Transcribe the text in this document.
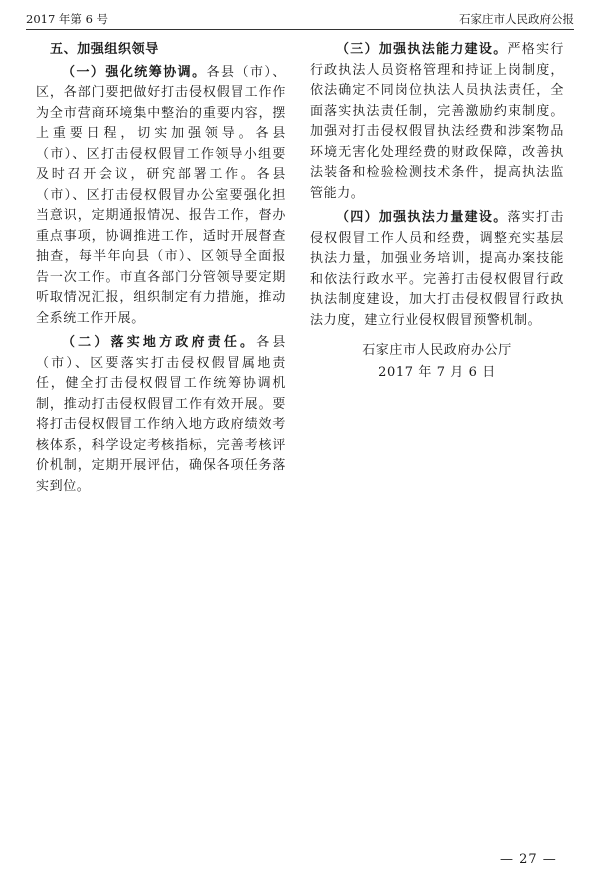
2017 年第 6 号	石家庄市人民政府公报
五、加强组织领导

（一）强化统筹协调。各县（市）、区，各部门要把做好打击侵权假冒工作作为全市营商环境集中整治的重要内容，摆上重要日程，切实加强领导。各县（市）、区打击侵权假冒工作领导小组要及时召开会议，研究部署工作。各县（市）、区打击侵权假冒办公室要强化担当意识，定期通报情况、报告工作，督办重点事项，协调推进工作，适时开展督查抽查，每半年向县（市）、区领导全面报告一次工作。市直各部门分管领导要定期听取情况汇报，组织制定有力措施，推动全系统工作开展。

（二）落实地方政府责任。各县（市）、区要落实打击侵权假冒属地责任，健全打击侵权假冒工作统筹协调机制，推动打击侵权假冒工作有效开展。要将打击侵权假冒工作纳入地方政府绩效考核体系，科学设定考核指标，完善考核评价机制，定期开展评估，确保各项任务落实到位。

（三）加强执法能力建设。严格实行行政执法人员资格管理和持证上岗制度，依法确定不同岗位执法人员执法责任，全面落实执法责任制，完善激励约束制度。加强对打击侵权假冒执法经费和涉案物品环境无害化处理经费的财政保障，改善执法装备和检验检测技术条件，提高执法监管能力。

（四）加强执法力量建设。落实打击侵权假冒工作人员和经费，调整充实基层执法力量，加强业务培训，提高办案技能和依法行政水平。完善打击侵权假冒行政执法制度建设，加大打击侵权假冒行政执法力度，建立行业侵权假冒预警机制。

石家庄市人民政府办公厅
2017 年 7 月 6 日
— 27 —
